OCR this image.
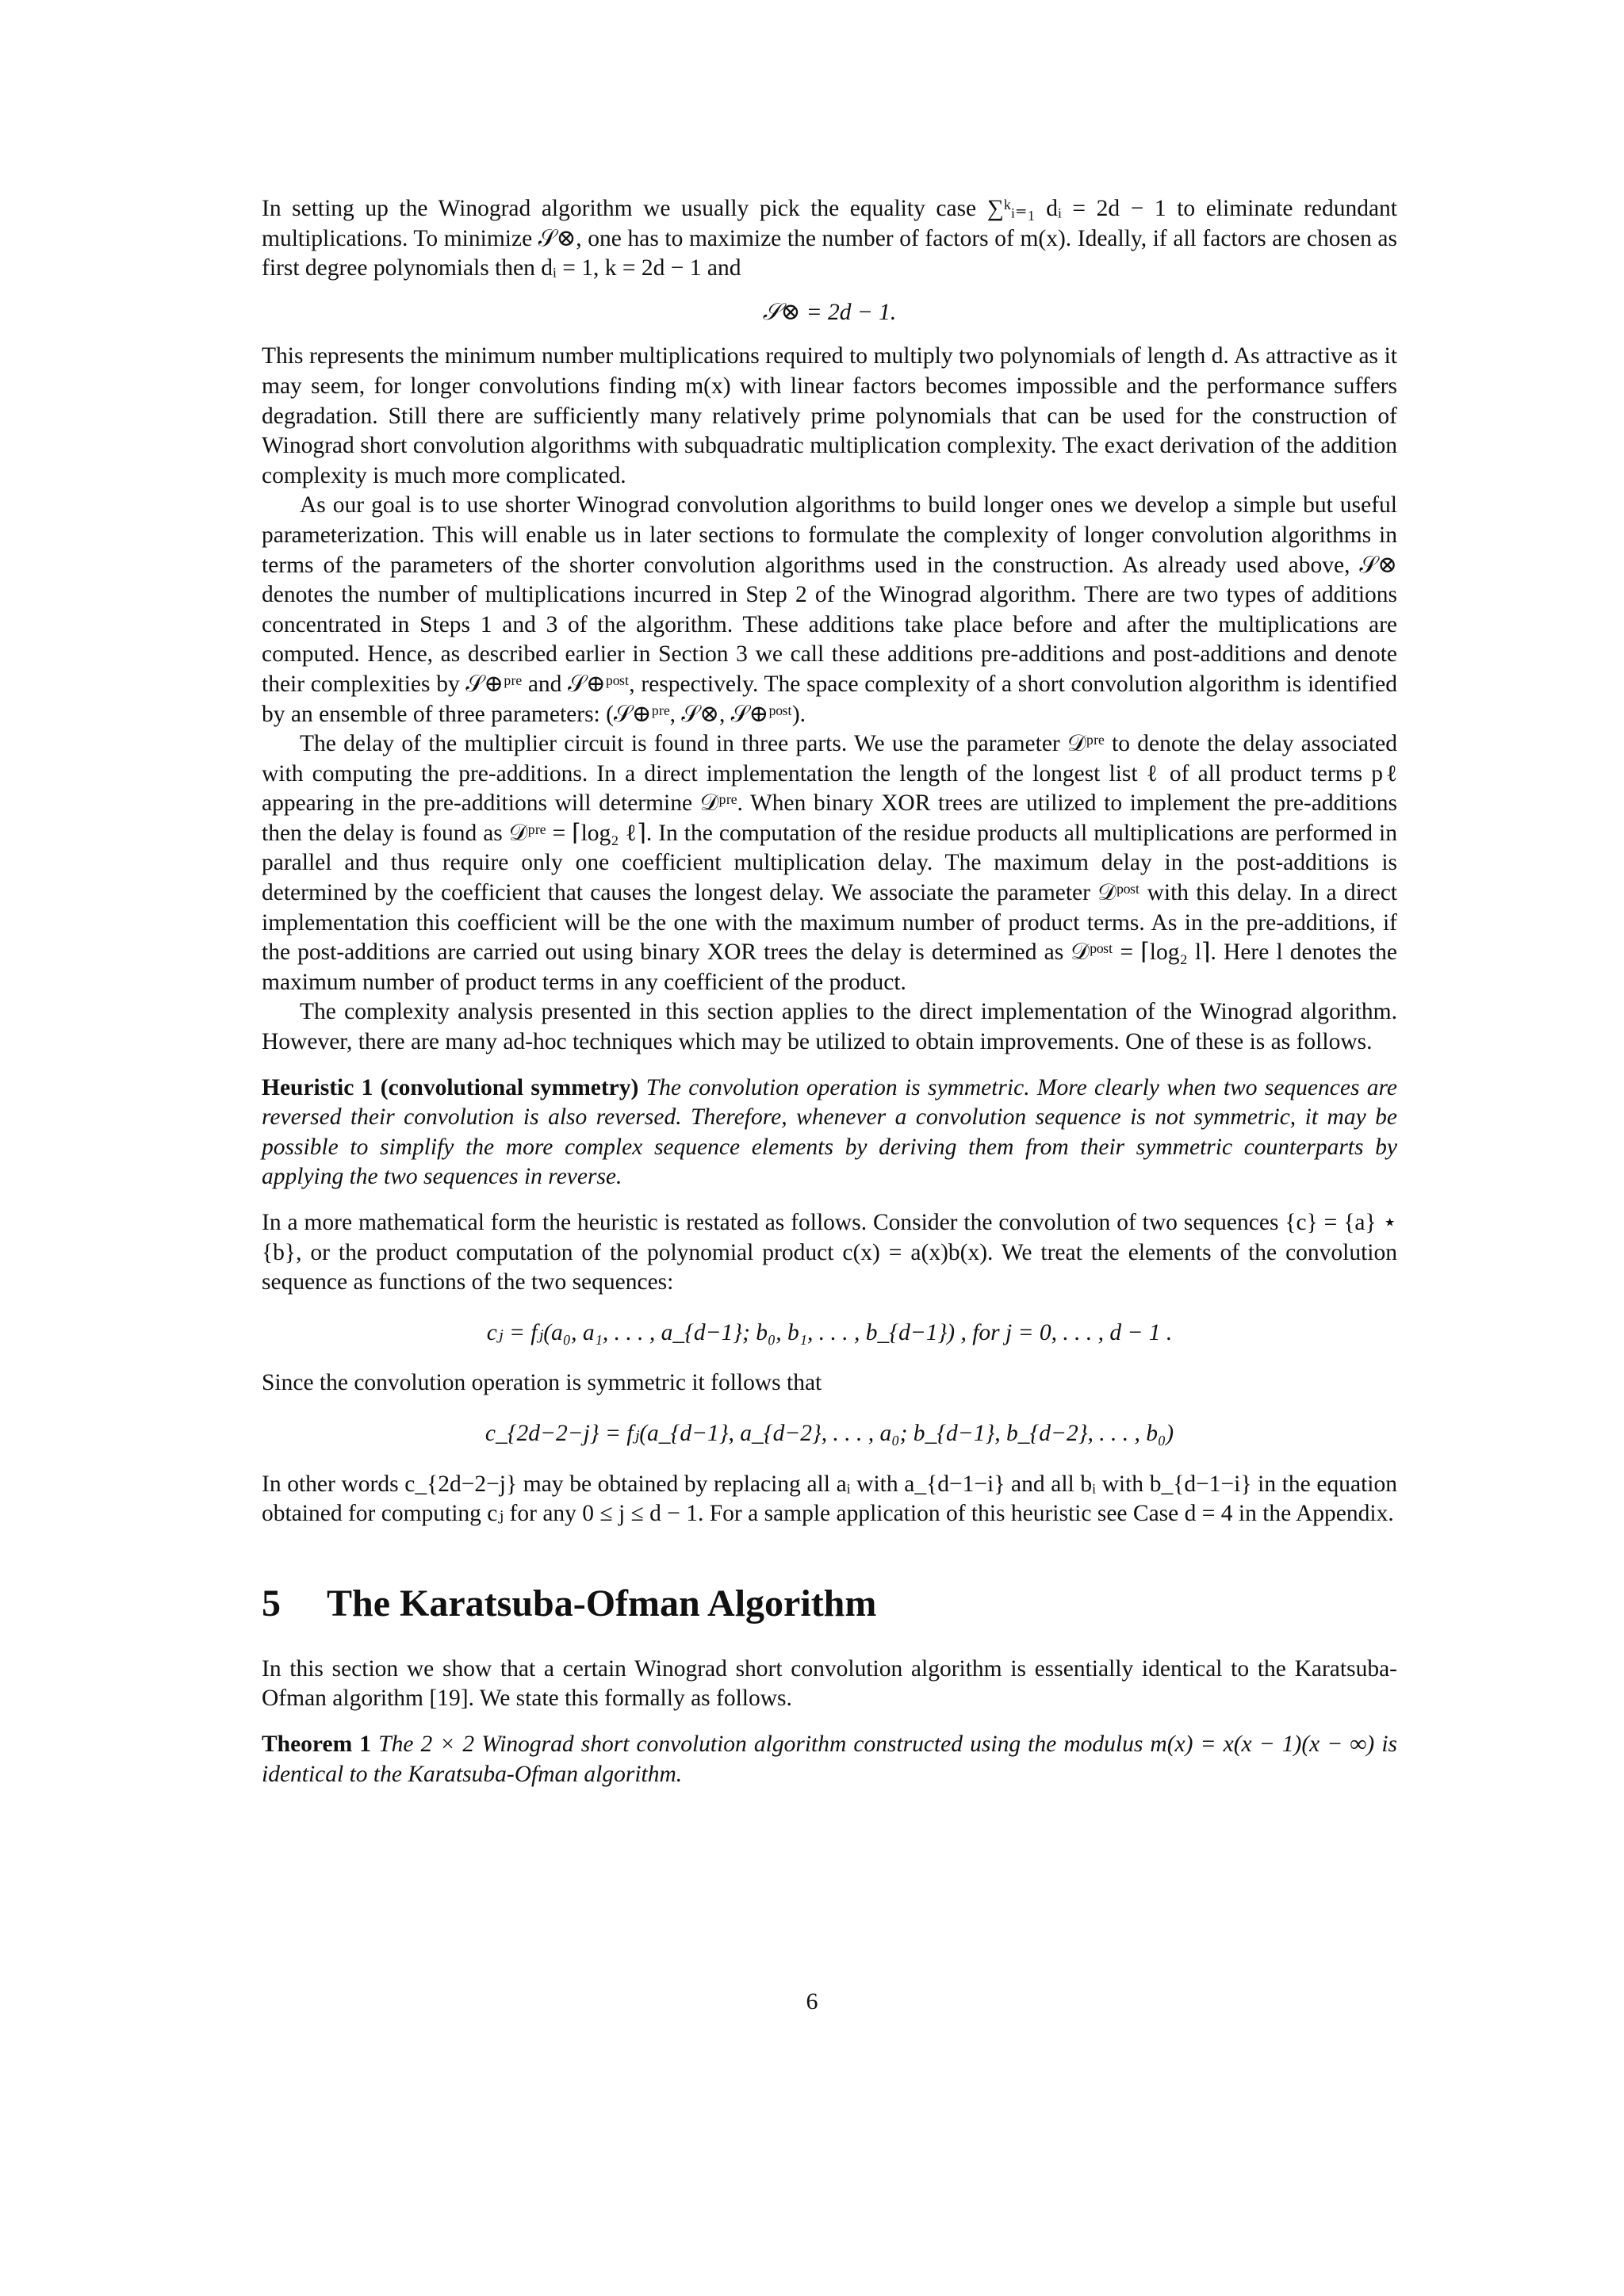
In setting up the Winograd algorithm we usually pick the equality case ∑ᵏᵢ₌₁ dᵢ = 2d − 1 to eliminate redundant multiplications. To minimize 𝒮⊗, one has to maximize the number of factors of m(x). Ideally, if all factors are chosen as first degree polynomials then dᵢ = 1, k = 2d − 1 and

𝒮⊗ = 2d − 1.

This represents the minimum number multiplications required to multiply two polynomials of length d. As attractive as it may seem, for longer convolutions finding m(x) with linear factors becomes impossible and the performance suffers degradation. Still there are sufficiently many relatively prime polynomials that can be used for the construction of Winograd short convolution algorithms with subquadratic multiplication complexity. The exact derivation of the addition complexity is much more complicated.

As our goal is to use shorter Winograd convolution algorithms to build longer ones we develop a simple but useful parameterization. This will enable us in later sections to formulate the complexity of longer convolution algorithms in terms of the parameters of the shorter convolution algorithms used in the construction. As already used above, 𝒮⊗ denotes the number of multiplications incurred in Step 2 of the Winograd algorithm. There are two types of additions concentrated in Steps 1 and 3 of the algorithm. These additions take place before and after the multiplications are computed. Hence, as described earlier in Section 3 we call these additions pre-additions and post-additions and denote their complexities by 𝒮⊕ᵖʳᵉ and 𝒮⊕ᵖᵒˢᵗ, respectively. The space complexity of a short convolution algorithm is identified by an ensemble of three parameters: (𝒮⊕ᵖʳᵉ, 𝒮⊗, 𝒮⊕ᵖᵒˢᵗ).

The delay of the multiplier circuit is found in three parts. We use the parameter 𝒟ᵖʳᵉ to denote the delay associated with computing the pre-additions. In a direct implementation the length of the longest list ℓ of all product terms pℓ appearing in the pre-additions will determine 𝒟ᵖʳᵉ. When binary XOR trees are utilized to implement the pre-additions then the delay is found as 𝒟ᵖʳᵉ = ⌈log₂ ℓ⌉. In the computation of the residue products all multiplications are performed in parallel and thus require only one coefficient multiplication delay. The maximum delay in the post-additions is determined by the coefficient that causes the longest delay. We associate the parameter 𝒟ᵖᵒˢᵗ with this delay. In a direct implementation this coefficient will be the one with the maximum number of product terms. As in the pre-additions, if the post-additions are carried out using binary XOR trees the delay is determined as 𝒟ᵖᵒˢᵗ = ⌈log₂ l⌉. Here l denotes the maximum number of product terms in any coefficient of the product.

The complexity analysis presented in this section applies to the direct implementation of the Winograd algorithm. However, there are many ad-hoc techniques which may be utilized to obtain improvements. One of these is as follows.

Heuristic 1 (convolutional symmetry) The convolution operation is symmetric. More clearly when two sequences are reversed their convolution is also reversed. Therefore, whenever a convolution sequence is not symmetric, it may be possible to simplify the more complex sequence elements by deriving them from their symmetric counterparts by applying the two sequences in reverse.

In a more mathematical form the heuristic is restated as follows. Consider the convolution of two sequences {c} = {a} ⋆ {b}, or the product computation of the polynomial product c(x) = a(x)b(x). We treat the elements of the convolution sequence as functions of the two sequences:

cⱼ = fⱼ(a₀, a₁, . . . , a_{d−1}; b₀, b₁, . . . , b_{d−1}) , for j = 0, . . . , d − 1 .

Since the convolution operation is symmetric it follows that

c_{2d−2−j} = fⱼ(a_{d−1}, a_{d−2}, . . . , a₀; b_{d−1}, b_{d−2}, . . . , b₀)

In other words c_{2d−2−j} may be obtained by replacing all aᵢ with a_{d−1−i} and all bᵢ with b_{d−1−i} in the equation obtained for computing cⱼ for any 0 ≤ j ≤ d − 1. For a sample application of this heuristic see Case d = 4 in the Appendix.

5 The Karatsuba-Ofman Algorithm

In this section we show that a certain Winograd short convolution algorithm is essentially identical to the Karatsuba-Ofman algorithm [19]. We state this formally as follows.

Theorem 1 The 2 × 2 Winograd short convolution algorithm constructed using the modulus m(x) = x(x − 1)(x − ∞) is identical to the Karatsuba-Ofman algorithm.

6
